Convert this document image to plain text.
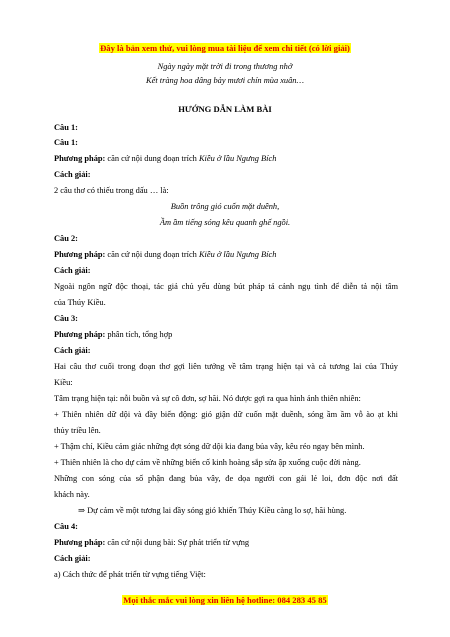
Đây là bản xem thử, vui lòng mua tài liệu để xem chi tiết (có lời giải)
Ngày ngày mặt trời đi trong thương nhớ
Kết tràng hoa dâng bảy mươi chín mùa xuân…
HƯỚNG DẪN LÀM BÀI
Câu 1:
Câu 1:
Phương pháp: căn cứ nội dung đoạn trích Kiều ở lầu Ngưng Bích
Cách giải:
2 câu thơ có thiếu trong dấu … là:
Buồn trông gió cuốn mặt duềnh,
Ầm ầm tiếng sóng kêu quanh ghế ngồi.
Câu 2:
Phương pháp: căn cứ nội dung đoạn trích Kiều ở lầu Ngưng Bích
Cách giải:
Ngoài ngôn ngữ độc thoại, tác giả chủ yếu dùng bút pháp tả cảnh ngụ tình để diễn tả nội tâm
của Thúy Kiều.
Câu 3:
Phương pháp: phân tích, tổng hợp
Cách giải:
Hai câu thơ cuối trong đoạn thơ gợi liên tưởng về tâm trạng hiện tại và cả tương lai của Thúy
Kiều:
Tâm trạng hiện tại: nỗi buồn và sự cô đơn, sợ hãi. Nó được gợi ra qua hình ảnh thiên nhiên:
+ Thiên nhiên dữ dội và đầy biến động: gió giận dữ cuốn mặt duềnh, sóng ầm ầm vỗ ào ạt khi
thủy triều lên.
+ Thậm chí, Kiều cảm giác những đợt sóng dữ dội kia đang bủa vây, kêu réo ngay bên mình.
+ Thiên nhiên là cho dự cảm về những biến cố kinh hoàng sắp sửa ập xuống cuộc đời nàng.
Những con sóng của số phận đang bủa vây, đe dọa người con gái lẻ loi, đơn độc nơi đất
khách này.
⇒ Dự cảm về một tương lai đầy sóng gió khiến Thúy Kiều càng lo sợ, hãi hùng.
Câu 4:
Phương pháp: căn cứ nội dung bài: Sự phát triển từ vựng
Cách giải:
a) Cách thức để phát triển từ vựng tiếng Việt:
Mọi thắc mắc vui lòng xin liên hệ hotline: 084 283 45 85
